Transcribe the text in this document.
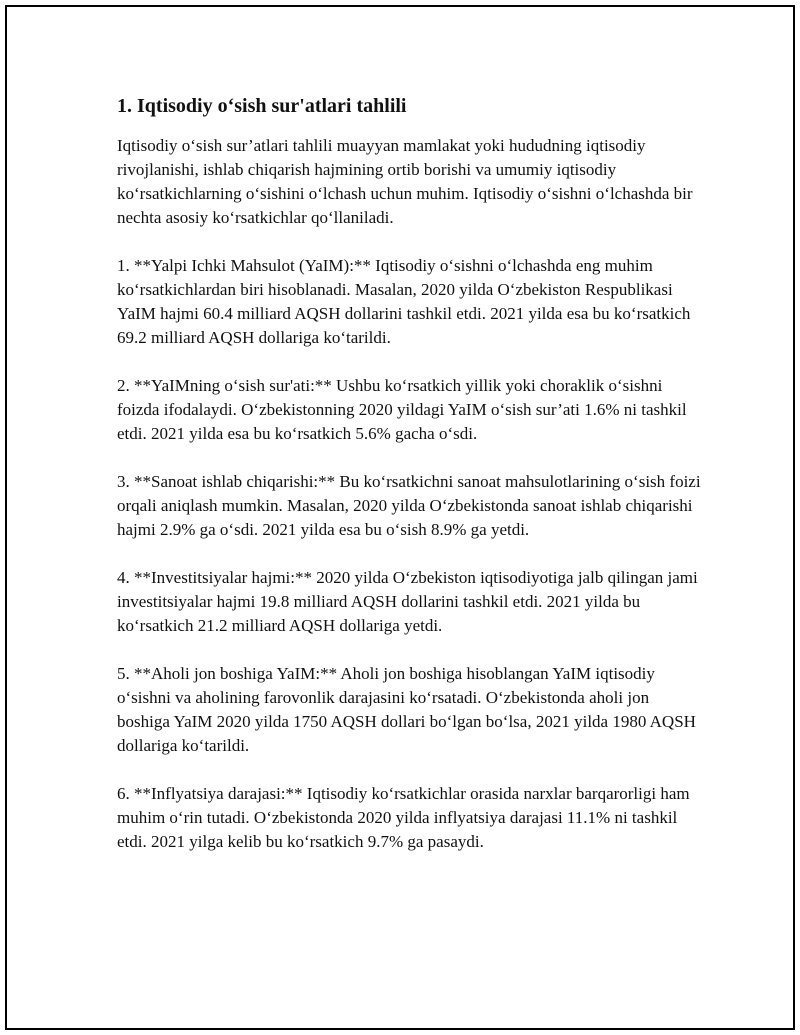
1. Iqtisodiy o‘sish sur'atlari tahlili

Iqtisodiy o‘sish sur’atlari tahlili muayyan mamlakat yoki hududning iqtisodiy rivojlanishi, ishlab chiqarish hajmining ortib borishi va umumiy iqtisodiy ko‘rsatkichlarning o‘sishini o‘lchash uchun muhim. Iqtisodiy o‘sishni o‘lchashda bir nechta asosiy ko‘rsatkichlar qo‘llaniladi.

1. **Yalpi Ichki Mahsulot (YaIM):** Iqtisodiy o‘sishni o‘lchashda eng muhim ko‘rsatkichlardan biri hisoblanadi. Masalan, 2020 yilda O‘zbekiston Respublikasi YaIM hajmi 60.4 milliard AQSH dollarini tashkil etdi. 2021 yilda esa bu ko‘rsatkich 69.2 milliard AQSH dollariga ko‘tarildi.

2. **YaIMning o‘sish sur'ati:** Ushbu ko‘rsatkich yillik yoki choraklik o‘sishni foizda ifodalaydi. O‘zbekistonning 2020 yildagi YaIM o‘sish sur’ati 1.6% ni tashkil etdi. 2021 yilda esa bu ko‘rsatkich 5.6% gacha o‘sdi.

3. **Sanoat ishlab chiqarishi:** Bu ko‘rsatkichni sanoat mahsulotlarining o‘sish foizi orqali aniqlash mumkin. Masalan, 2020 yilda O‘zbekistonda sanoat ishlab chiqarishi hajmi 2.9% ga o‘sdi. 2021 yilda esa bu o‘sish 8.9% ga yetdi.

4. **Investitsiyalar hajmi:** 2020 yilda O‘zbekiston iqtisodiyotiga jalb qilingan jami investitsiyalar hajmi 19.8 milliard AQSH dollarini tashkil etdi. 2021 yilda bu ko‘rsatkich 21.2 milliard AQSH dollariga yetdi.

5. **Aholi jon boshiga YaIM:** Aholi jon boshiga hisoblangan YaIM iqtisodiy o‘sishni va aholining farovonlik darajasini ko‘rsatadi. O‘zbekistonda aholi jon boshiga YaIM 2020 yilda 1750 AQSH dollari bo‘lgan bo‘lsa, 2021 yilda 1980 AQSH dollariga ko‘tarildi.

6. **Inflyatsiya darajasi:** Iqtisodiy ko‘rsatkichlar orasida narxlar barqarorligi ham muhim o‘rin tutadi. O‘zbekistonda 2020 yilda inflyatsiya darajasi 11.1% ni tashkil etdi. 2021 yilga kelib bu ko‘rsatkich 9.7% ga pasaydi.
